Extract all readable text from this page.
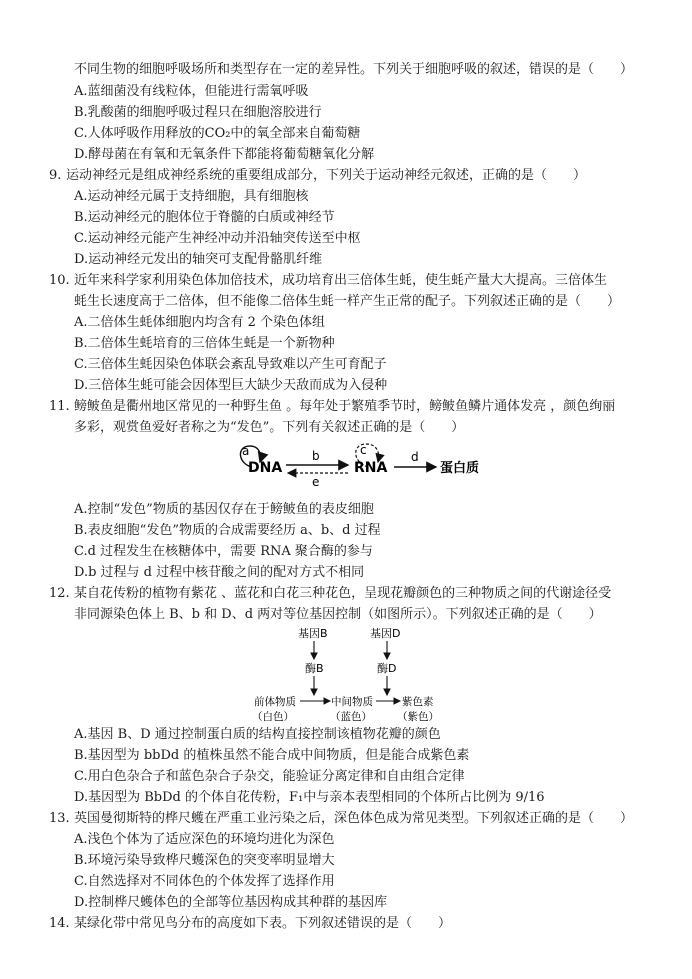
不同生物的细胞呼吸场所和类型存在一定的差异性。下列关于细胞呼吸的叙述，错误的是（　　）
A.蓝细菌没有线粒体，但能进行需氧呼吸
B.乳酸菌的细胞呼吸过程只在细胞溶胶进行
C.人体呼吸作用释放的CO₂中的氧全部来自葡萄糖
D.酵母菌在有氧和无氧条件下都能将葡萄糖氧化分解
9. 运动神经元是组成神经系统的重要组成部分，下列关于运动神经元叙述，正确的是（　　）
A.运动神经元属于支持细胞，具有细胞核
B.运动神经元的胞体位于脊髓的白质或神经节
C.运动神经元能产生神经冲动并沿轴突传送至中枢
D.运动神经元发出的轴突可支配骨骼肌纤维
10. 近年来科学家利用染色体加倍技术，成功培育出三倍体生蚝，使生蚝产量大大提高。三倍体生
蚝生长速度高于二倍体，但不能像二倍体生蚝一样产生正常的配子。下列叙述正确的是（　　）
A.二倍体生蚝体细胞内均含有 2 个染色体组
B.二倍体生蚝培育的三倍体生蚝是一个新物种
C.三倍体生蚝因染色体联会紊乱导致难以产生可育配子
D.三倍体生蚝可能会因体型巨大缺少天敌而成为入侵种
11. 鳑鲏鱼是衢州地区常见的一种野生鱼 。每年处于繁殖季节时，鳑鲏鱼鳞片通体发亮 ，颜色绚丽
多彩，观赏鱼爱好者称之为“发色”。下列有关叙述正确的是（　　）
a
DNA
b
e
c
RNA
d
蛋白质
A.控制“发色”物质的基因仅存在于鳑鲏鱼的表皮细胞
B.表皮细胞“发色”物质的合成需要经历 a、b、d 过程
C.d 过程发生在核糖体中，需要 RNA 聚合酶的参与
D.b 过程与 d 过程中核苷酸之间的配对方式不相同
12. 某自花传粉的植物有紫花 、蓝花和白花三种花色，呈现花瓣颜色的三种物质之间的代谢途径受
非同源染色体上 B、b 和 D、d 两对等位基因控制（如图所示）。下列叙述正确的是（　　）
基因B	基因D
酶B	酶D
前体物质	中间物质	紫色素
（白色）	（蓝色） （紫色）
A.基因 B、D 通过控制蛋白质的结构直接控制该植物花瓣的颜色
B.基因型为 bbDd 的植株虽然不能合成中间物质，但是能合成紫色素
C.用白色杂合子和蓝色杂合子杂交，能验证分离定律和自由组合定律
D.基因型为 BbDd 的个体自花传粉，F₁中与亲本表型相同的个体所占比例为 9/16
13. 英国曼彻斯特的桦尺蠖在严重工业污染之后，深色体色成为常见类型。下列叙述正确的是（　　）
A.浅色个体为了适应深色的环境均进化为深色
B.环境污染导致桦尺蠖深色的突变率明显增大
C.自然选择对不同体色的个体发挥了选择作用
D.控制桦尺蠖体色的全部等位基因构成其种群的基因库
14. 某绿化带中常见鸟分布的高度如下表。下列叙述错误的是（　　）
